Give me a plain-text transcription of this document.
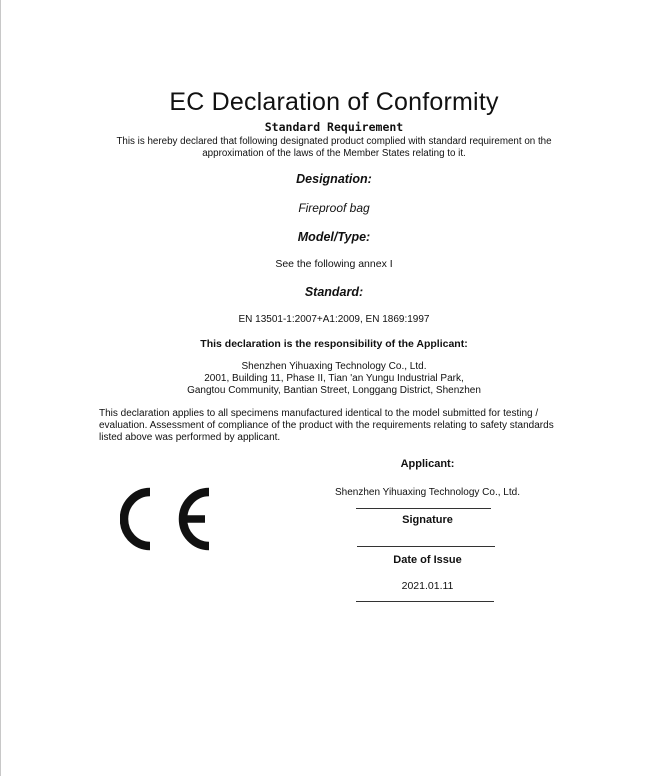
EC Declaration of Conformity
Standard Requirement
This is hereby declared that following designated product complied with standard requirement on the approximation of the laws of the Member States relating to it.
Designation:
Fireproof bag
Model/Type:
See the following annex I
Standard:
EN 13501-1:2007+A1:2009, EN 1869:1997
This declaration is the responsibility of the Applicant:
Shenzhen Yihuaxing Technology Co., Ltd.
2001, Building 11, Phase II, Tian 'an Yungu Industrial Park,
Gangtou Community, Bantian Street, Longgang District, Shenzhen

This declaration applies to all specimens manufactured identical to the model submitted for testing / evaluation. Assessment of compliance of the product with the requirements relating to safety standards listed above was performed by applicant.

Applicant:
Shenzhen Yihuaxing Technology Co., Ltd.
Signature
Date of Issue
2021.01.11
